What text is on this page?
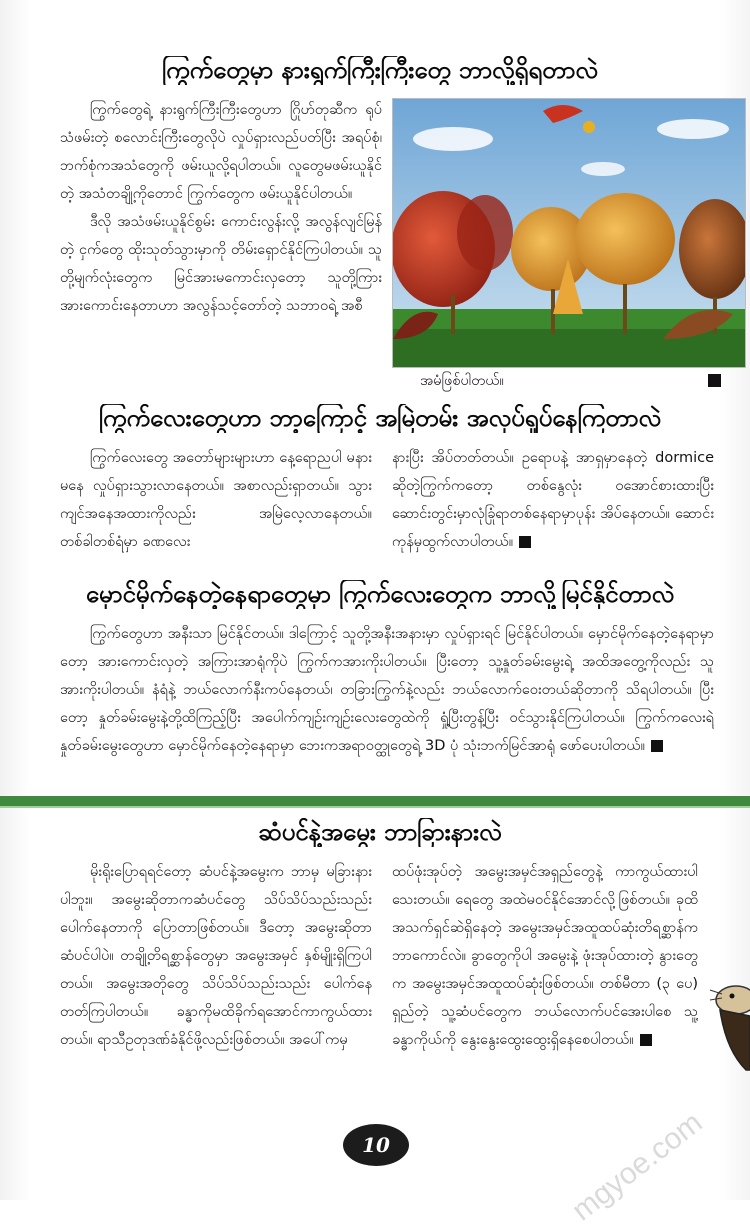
ကြွက်တွေမှာ နားရွက်ကြီးကြီးတွေ ဘာလို့ရှိရတာလဲ

ကြွက်တွေရဲ့ နားရွက်ကြီးကြီးတွေဟာ ဂြိုဟ်တုဆီက ရုပ်သံဖမ်းတဲ့ စလောင်းကြီးတွေလိုပဲ လှုပ်ရှားလည်ပတ်ပြီး အရပ်စုံ၊ ဘက်စုံကအသံတွေကို ဖမ်းယူလို့ရပါတယ်။ လူတွေမဖမ်းယူနိုင်တဲ့ အသံတချို့ကိုတောင် ကြွက်တွေက ဖမ်းယူနိုင်ပါတယ်။

ဒီလို အသံဖမ်းယူနိုင်စွမ်း ကောင်းလွန်းလို့ အလွန်လျင်မြန်တဲ့ ငှက်တွေ ထိုးသုတ်သွားမှာကို တိမ်းရှောင်နိုင်ကြပါတယ်။ သူတို့မျက်လုံးတွေက မြင်အားမကောင်းလှတော့ သူတို့ကြားအားကောင်းနေတာဟာ အလွန်သင့်တော်တဲ့ သဘာဝရဲ့ အစီ

အမံဖြစ်ပါတယ်။
ကြွက်လေးတွေဟာ ဘာ့ကြောင့် အမြဲတမ်း အလုပ်ရှုပ်နေကြတာလဲ

ကြွက်လေးတွေ အတော်များများဟာ နေ့ရောညပါ မနားမနေ လှုပ်ရှားသွားလာနေတယ်။ အစာလည်းရှာတယ်။ သွားကျင်အနေအထားကိုလည်း အမြဲလေ့လာနေတယ်။ တစ်ခါတစ်ရံမှာ ခဏလေး

နားပြီး အိပ်တတ်တယ်။ ဥရောပနဲ့ အာရှမှာနေတဲ့ dormice ဆိုတဲ့ကြွက်ကတော့ တစ်နွေလုံး ဝအောင်စားထားပြီးဆောင်းတွင်းမှာလုံခြုံရာတစ်နေရာမှာပုန်း အိပ်နေတယ်။ ဆောင်းကုန်မှထွက်လာပါတယ်။

မှောင်မိုက်နေတဲ့နေရာတွေမှာ ကြွက်လေးတွေက ဘာလို့မြင်နိုင်တာလဲ

ကြွက်တွေဟာ အနီးသာ မြင်နိုင်တယ်။ ဒါကြောင့် သူတို့အနီးအနားမှာ လှုပ်ရှားရင် မြင်နိုင်ပါတယ်။ မှောင်မိုက်နေတဲ့နေရာမှာတော့ အားကောင်းလှတဲ့ အကြားအာရုံကိုပဲ ကြွက်ကအားကိုးပါတယ်။ ပြီးတော့ သူ့နှုတ်ခမ်းမွေးရဲ့ အထိအတွေ့ကိုလည်း သူအားကိုးပါတယ်။ နံရံနဲ့ ဘယ်လောက်နီးကပ်နေတယ်၊ တခြားကြွက်နဲ့လည်း ဘယ်လောက်ဝေးတယ်ဆိုတာကို သိရပါတယ်။ ပြီးတော့ နှုတ်ခမ်းမွေးနဲ့တို့ထိကြည့်ပြီး အပေါက်ကျဉ်းကျဉ်းလေးတွေထဲကို ရှုံ့ပြီးတွန့်ပြီး ဝင်သွားနိုင်ကြပါတယ်။ ကြွက်ကလေးရဲ့ နှုတ်ခမ်းမွေးတွေဟာ မှောင်မိုက်နေတဲ့နေရာမှာ ဘေးကအရာဝတ္ထုတွေရဲ့ 3D ပုံ သုံးဘက်မြင်အာရုံ ဖော်ပေးပါတယ်။

ဆံပင်နဲ့အမွေး ဘာခြားနားလဲ

မိုးရိုးပြောရရင်တော့ ဆံပင်နဲ့အမွေးက ဘာမှ မခြားနားပါဘူး။ အမွေးဆိုတာကဆံပင်တွေ သိပ်သိပ်သည်းသည်းပေါက်နေတာကို ပြောတာဖြစ်တယ်။ ဒီတော့ အမွေးဆိုတာ ဆံပင်ပါပဲ။ တချို့တိရစ္ဆာန်တွေမှာ အမွေးအမှင် နှစ်မျိုးရှိကြပါတယ်။ အမွေးအတိုတွေ သိပ်သိပ်သည်းသည်း ပေါက်နေတတ်ကြပါတယ်။ ခန္ဓာကိုမထိခိုက်ရအောင်ကာကွယ်ထားတယ်။ ရာသီဥတုဒဏ်ခံနိုင်ဖို့လည်းဖြစ်တယ်။ အပေါ်ကမှ

ထပ်ဖုံးအုပ်တဲ့ အမွေးအမှင်အရှည်တွေနဲ့ ကာကွယ်ထားပါသေးတယ်။ ရေတွေ အထဲမဝင်နိုင်အောင်လို့ဖြစ်တယ်။ ခုထိ အသက်ရှင်ဆဲရှိနေတဲ့ အမွေးအမှင်အထူထပ်ဆုံးတိရစ္ဆာန်က ဘာကောင်လဲ။ ခွာတွေကိုပါ အမွေးနဲ့ ဖုံးအုပ်ထားတဲ့ နွားတွေက အမွေးအမှင်အထူထပ်ဆုံးဖြစ်တယ်။ တစ်မီတာ (၃ ပေ) ရှည်တဲ့ သူ့ဆံပင်တွေက ဘယ်လောက်ပင်အေးပါစေ သူ့ခန္ဓာကိုယ်ကို နွေးနွေးထွေးထွေးရှိနေစေပါတယ်။

10	mgyoe.com
